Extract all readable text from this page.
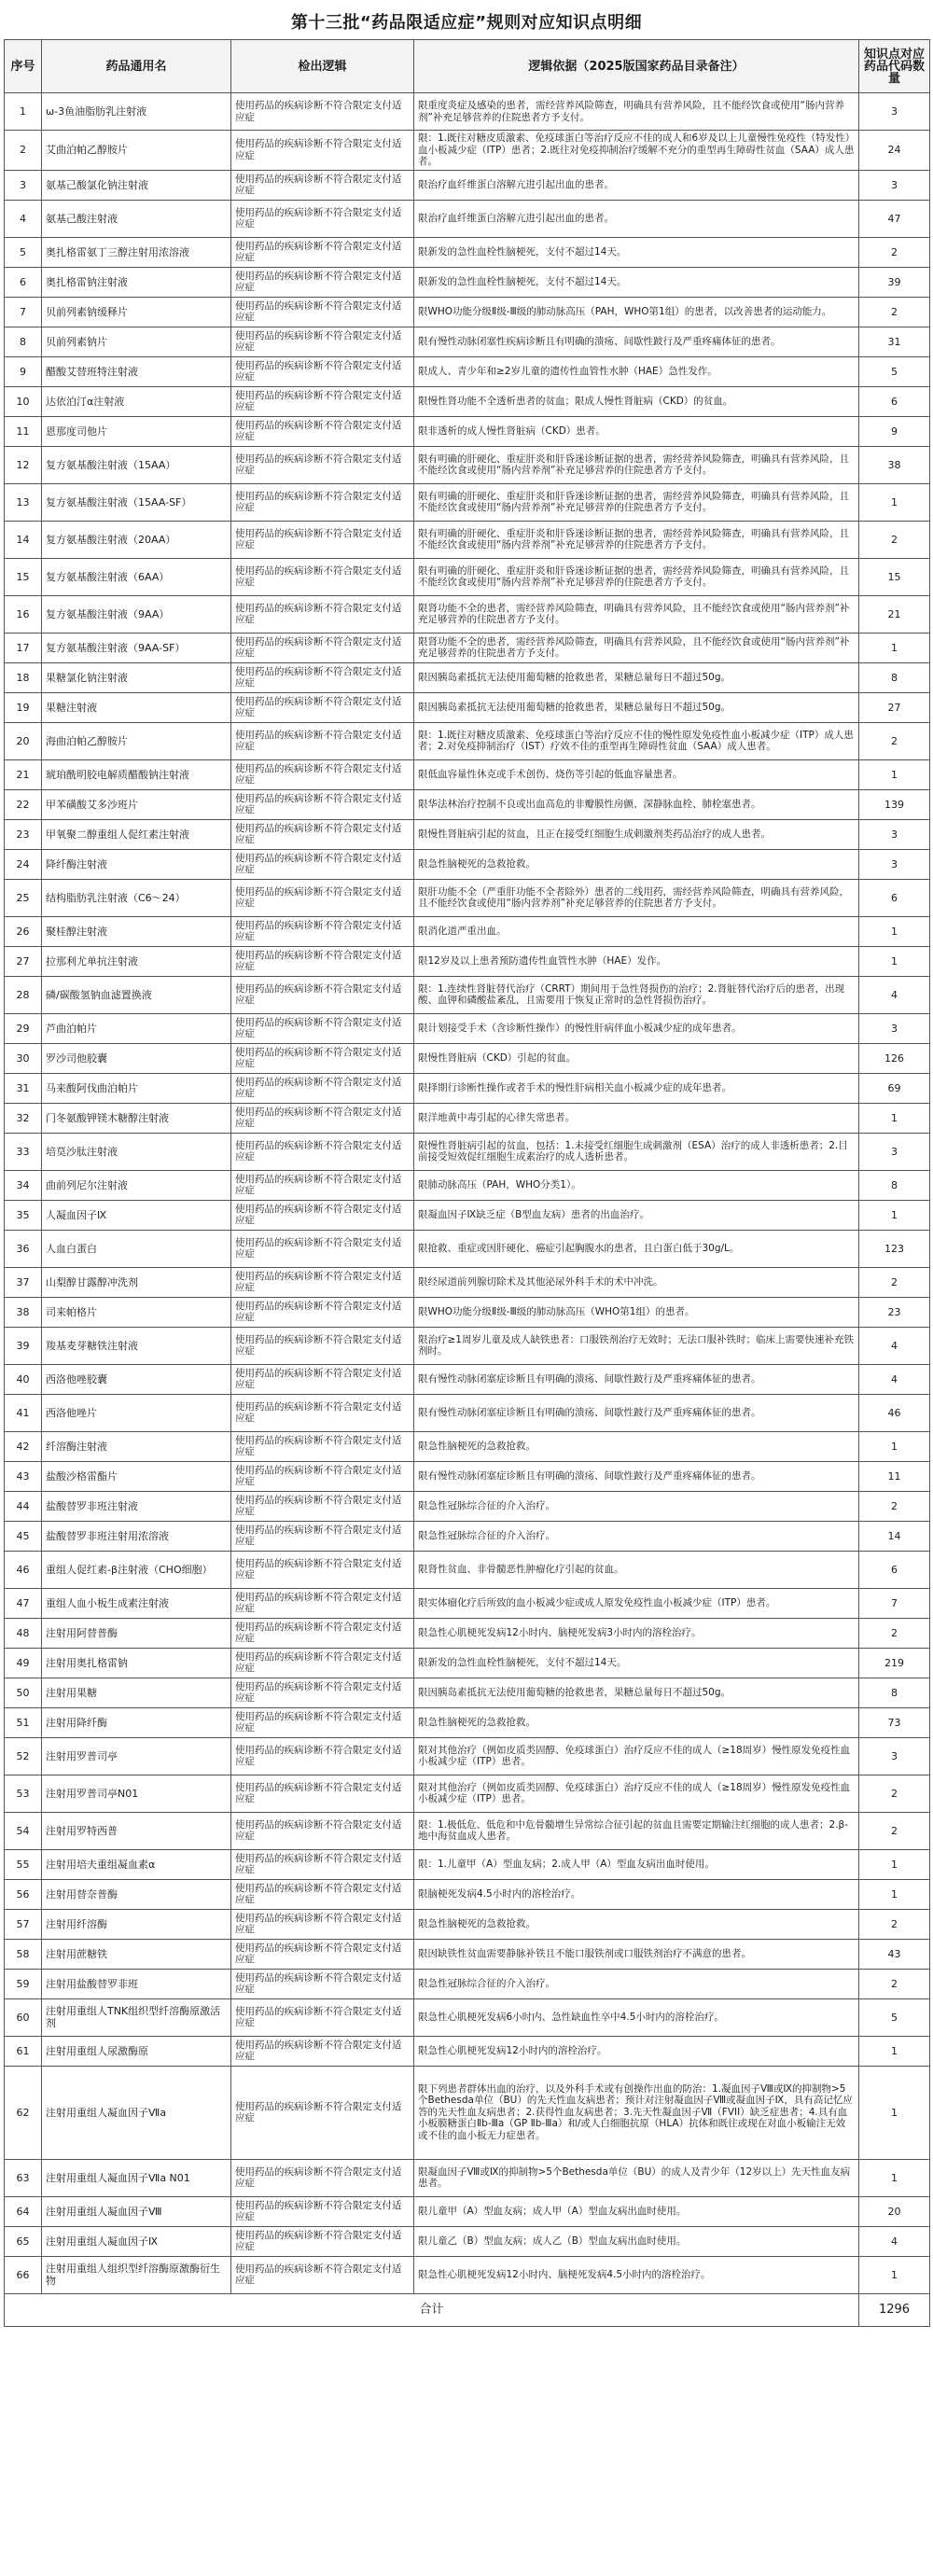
第十三批“药品限适应症”规则对应知识点明细
序号	药品通用名	检出逻辑	逻辑依据（2025版国家药品目录备注）	知识点对应药品代码数量
1	ω-3鱼油脂肪乳注射液	使用药品的疾病诊断不符合限定支付适应症	限重度炎症及感染的患者，需经营养风险筛查，明确具有营养风险，且不能经饮食或使用“肠内营养剂”补充足够营养的住院患者方予支付。	3
2	艾曲泊帕乙醇胺片	使用药品的疾病诊断不符合限定支付适应症	限：1.既往对糖皮质激素、免疫球蛋白等治疗反应不佳的成人和6岁及以上儿童慢性免疫性（特发性）血小板减少症（ITP）患者；2.既往对免疫抑制治疗缓解不充分的重型再生障碍性贫血（SAA）成人患者。	24
3	氨基己酸氯化钠注射液	使用药品的疾病诊断不符合限定支付适应症	限治疗血纤维蛋白溶解亢进引起出血的患者。	3
4	氨基己酸注射液	使用药品的疾病诊断不符合限定支付适应症	限治疗血纤维蛋白溶解亢进引起出血的患者。	47
5	奥扎格雷氨丁三醇注射用浓溶液	使用药品的疾病诊断不符合限定支付适应症	限新发的急性血栓性脑梗死，支付不超过14天。	2
6	奥扎格雷钠注射液	使用药品的疾病诊断不符合限定支付适应症	限新发的急性血栓性脑梗死，支付不超过14天。	39
7	贝前列素钠缓释片	使用药品的疾病诊断不符合限定支付适应症	限WHO功能分级Ⅱ级-Ⅲ级的肺动脉高压（PAH，WHO第1组）的患者，以改善患者的运动能力。	2
8	贝前列素钠片	使用药品的疾病诊断不符合限定支付适应症	限有慢性动脉闭塞性疾病诊断且有明确的溃疡、间歇性跛行及严重疼痛体征的患者。	31
9	醋酸艾替班特注射液	使用药品的疾病诊断不符合限定支付适应症	限成人、青少年和≥2岁儿童的遗传性血管性水肿（HAE）急性发作。	5
10	达依泊汀α注射液	使用药品的疾病诊断不符合限定支付适应症	限慢性肾功能不全透析患者的贫血；限成人慢性肾脏病（CKD）的贫血。	6
11	恩那度司他片	使用药品的疾病诊断不符合限定支付适应症	限非透析的成人慢性肾脏病（CKD）患者。	9
12	复方氨基酸注射液（15AA）	使用药品的疾病诊断不符合限定支付适应症	限有明确的肝硬化、重症肝炎和肝昏迷诊断证据的患者，需经营养风险筛查，明确具有营养风险，且不能经饮食或使用“肠内营养剂”补充足够营养的住院患者方予支付。	38
13	复方氨基酸注射液（15AA-SF）	使用药品的疾病诊断不符合限定支付适应症	限有明确的肝硬化、重症肝炎和肝昏迷诊断证据的患者，需经营养风险筛查，明确具有营养风险，且不能经饮食或使用“肠内营养剂”补充足够营养的住院患者方予支付。	1
14	复方氨基酸注射液（20AA）	使用药品的疾病诊断不符合限定支付适应症	限有明确的肝硬化、重症肝炎和肝昏迷诊断证据的患者，需经营养风险筛查，明确具有营养风险，且不能经饮食或使用“肠内营养剂”补充足够营养的住院患者方予支付。	2
15	复方氨基酸注射液（6AA）	使用药品的疾病诊断不符合限定支付适应症	限有明确的肝硬化、重症肝炎和肝昏迷诊断证据的患者，需经营养风险筛查，明确具有营养风险，且不能经饮食或使用“肠内营养剂”补充足够营养的住院患者方予支付。	15
16	复方氨基酸注射液（9AA）	使用药品的疾病诊断不符合限定支付适应症	限肾功能不全的患者，需经营养风险筛查，明确具有营养风险，且不能经饮食或使用“肠内营养剂”补充足够营养的住院患者方予支付。	21
17	复方氨基酸注射液（9AA-SF）	使用药品的疾病诊断不符合限定支付适应症	限肾功能不全的患者，需经营养风险筛查，明确具有营养风险，且不能经饮食或使用“肠内营养剂”补充足够营养的住院患者方予支付。	1
18	果糖氯化钠注射液	使用药品的疾病诊断不符合限定支付适应症	限因胰岛素抵抗无法使用葡萄糖的抢救患者，果糖总量每日不超过50g。	8
19	果糖注射液	使用药品的疾病诊断不符合限定支付适应症	限因胰岛素抵抗无法使用葡萄糖的抢救患者，果糖总量每日不超过50g。	27
20	海曲泊帕乙醇胺片	使用药品的疾病诊断不符合限定支付适应症	限：1.既往对糖皮质激素、免疫球蛋白等治疗反应不佳的慢性原发免疫性血小板减少症（ITP）成人患者；2.对免疫抑制治疗（IST）疗效不佳的重型再生障碍性贫血（SAA）成人患者。	2
21	琥珀酰明胶电解质醋酸钠注射液	使用药品的疾病诊断不符合限定支付适应症	限低血容量性休克或手术创伤、烧伤等引起的低血容量患者。	1
22	甲苯磺酸艾多沙班片	使用药品的疾病诊断不符合限定支付适应症	限华法林治疗控制不良或出血高危的非瓣膜性房颤、深静脉血栓、肺栓塞患者。	139
23	甲氧聚二醇重组人促红素注射液	使用药品的疾病诊断不符合限定支付适应症	限慢性肾脏病引起的贫血，且正在接受红细胞生成刺激剂类药品治疗的成人患者。	3
24	降纤酶注射液	使用药品的疾病诊断不符合限定支付适应症	限急性脑梗死的急救抢救。	3
25	结构脂肪乳注射液（C6～24）	使用药品的疾病诊断不符合限定支付适应症	限肝功能不全（严重肝功能不全者除外）患者的二线用药，需经营养风险筛查，明确具有营养风险，且不能经饮食或使用“肠内营养剂”补充足够营养的住院患者方予支付。	6
26	聚桂醇注射液	使用药品的疾病诊断不符合限定支付适应症	限消化道严重出血。	1
27	拉那利尤单抗注射液	使用药品的疾病诊断不符合限定支付适应症	限12岁及以上患者预防遗传性血管性水肿（HAE）发作。	1
28	磷/碳酸氢钠血滤置换液	使用药品的疾病诊断不符合限定支付适应症	限：1.连续性肾脏替代治疗（CRRT）期间用于急性肾损伤的治疗；2.肾脏替代治疗后的患者，出现酸、血钾和磷酸盐紊乱，且需要用于恢复正常时的急性肾损伤治疗。	4
29	芦曲泊帕片	使用药品的疾病诊断不符合限定支付适应症	限计划接受手术（含诊断性操作）的慢性肝病伴血小板减少症的成年患者。	3
30	罗沙司他胶囊	使用药品的疾病诊断不符合限定支付适应症	限慢性肾脏病（CKD）引起的贫血。	126
31	马来酸阿伐曲泊帕片	使用药品的疾病诊断不符合限定支付适应症	限择期行诊断性操作或者手术的慢性肝病相关血小板减少症的成年患者。	69
32	门冬氨酸钾镁木糖醇注射液	使用药品的疾病诊断不符合限定支付适应症	限洋地黄中毒引起的心律失常患者。	1
33	培莫沙肽注射液	使用药品的疾病诊断不符合限定支付适应症	限慢性肾脏病引起的贫血，包括：1.未接受红细胞生成刺激剂（ESA）治疗的成人非透析患者；2.目前接受短效促红细胞生成素治疗的成人透析患者。	3
34	曲前列尼尔注射液	使用药品的疾病诊断不符合限定支付适应症	限肺动脉高压（PAH，WHO分类1）。	8
35	人凝血因子Ⅸ	使用药品的疾病诊断不符合限定支付适应症	限凝血因子Ⅸ缺乏症（B型血友病）患者的出血治疗。	1
36	人血白蛋白	使用药品的疾病诊断不符合限定支付适应症	限抢救、重症或因肝硬化、癌症引起胸腹水的患者，且白蛋白低于30g/L。	123
37	山梨醇甘露醇冲洗剂	使用药品的疾病诊断不符合限定支付适应症	限经尿道前列腺切除术及其他泌尿外科手术的术中冲洗。	2
38	司来帕格片	使用药品的疾病诊断不符合限定支付适应症	限WHO功能分级Ⅱ级-Ⅲ级的肺动脉高压（WHO第1组）的患者。	23
39	羧基麦芽糖铁注射液	使用药品的疾病诊断不符合限定支付适应症	限治疗≥1周岁儿童及成人缺铁患者：口服铁剂治疗无效时；无法口服补铁时；临床上需要快速补充铁剂时。	4
40	西洛他唑胶囊	使用药品的疾病诊断不符合限定支付适应症	限有慢性动脉闭塞症诊断且有明确的溃疡、间歇性跛行及严重疼痛体征的患者。	4
41	西洛他唑片	使用药品的疾病诊断不符合限定支付适应症	限有慢性动脉闭塞症诊断且有明确的溃疡、间歇性跛行及严重疼痛体征的患者。	46
42	纤溶酶注射液	使用药品的疾病诊断不符合限定支付适应症	限急性脑梗死的急救抢救。	1
43	盐酸沙格雷酯片	使用药品的疾病诊断不符合限定支付适应症	限有慢性动脉闭塞症诊断且有明确的溃疡、间歇性跛行及严重疼痛体征的患者。	11
44	盐酸替罗非班注射液	使用药品的疾病诊断不符合限定支付适应症	限急性冠脉综合征的介入治疗。	2
45	盐酸替罗非班注射用浓溶液	使用药品的疾病诊断不符合限定支付适应症	限急性冠脉综合征的介入治疗。	14
46	重组人促红素-β注射液（CHO细胞）	使用药品的疾病诊断不符合限定支付适应症	限肾性贫血、非骨髓恶性肿瘤化疗引起的贫血。	6
47	重组人血小板生成素注射液	使用药品的疾病诊断不符合限定支付适应症	限实体瘤化疗后所致的血小板减少症或成人原发免疫性血小板减少症（ITP）患者。	7
48	注射用阿替普酶	使用药品的疾病诊断不符合限定支付适应症	限急性心肌梗死发病12小时内、脑梗死发病3小时内的溶栓治疗。	2
49	注射用奥扎格雷钠	使用药品的疾病诊断不符合限定支付适应症	限新发的急性血栓性脑梗死，支付不超过14天。	219
50	注射用果糖	使用药品的疾病诊断不符合限定支付适应症	限因胰岛素抵抗无法使用葡萄糖的抢救患者，果糖总量每日不超过50g。	8
51	注射用降纤酶	使用药品的疾病诊断不符合限定支付适应症	限急性脑梗死的急救抢救。	73
52	注射用罗普司亭	使用药品的疾病诊断不符合限定支付适应症	限对其他治疗（例如皮质类固醇、免疫球蛋白）治疗反应不佳的成人（≥18周岁）慢性原发免疫性血小板减少症（ITP）患者。	3
53	注射用罗普司亭N01	使用药品的疾病诊断不符合限定支付适应症	限对其他治疗（例如皮质类固醇、免疫球蛋白）治疗反应不佳的成人（≥18周岁）慢性原发免疫性血小板减少症（ITP）患者。	2
54	注射用罗特西普	使用药品的疾病诊断不符合限定支付适应症	限：1.极低危、低危和中危骨髓增生异常综合征引起的贫血且需要定期输注红细胞的成人患者；2.β-地中海贫血成人患者。	2
55	注射用培夫重组凝血素α	使用药品的疾病诊断不符合限定支付适应症	限：1.儿童甲（A）型血友病；2.成人甲（A）型血友病出血时使用。	1
56	注射用替奈普酶	使用药品的疾病诊断不符合限定支付适应症	限脑梗死发病4.5小时内的溶栓治疗。	1
57	注射用纤溶酶	使用药品的疾病诊断不符合限定支付适应症	限急性脑梗死的急救抢救。	2
58	注射用蔗糖铁	使用药品的疾病诊断不符合限定支付适应症	限因缺铁性贫血需要静脉补铁且不能口服铁剂或口服铁剂治疗不满意的患者。	43
59	注射用盐酸替罗非班	使用药品的疾病诊断不符合限定支付适应症	限急性冠脉综合征的介入治疗。	2
60	注射用重组人TNK组织型纤溶酶原激活剂	使用药品的疾病诊断不符合限定支付适应症	限急性心肌梗死发病6小时内、急性缺血性卒中4.5小时内的溶栓治疗。	5
61	注射用重组人尿激酶原	使用药品的疾病诊断不符合限定支付适应症	限急性心肌梗死发病12小时内的溶栓治疗。	1
62	注射用重组人凝血因子Ⅶa	使用药品的疾病诊断不符合限定支付适应症	限下列患者群体出血的治疗，以及外科手术或有创操作出血的防治：1.凝血因子Ⅷ或Ⅸ的抑制物>5个Bethesda单位（BU）的先天性血友病患者；预计对注射凝血因子Ⅷ或凝血因子Ⅸ，具有高记忆应答的先天性血友病患者；2.获得性血友病患者；3.先天性凝血因子Ⅶ（FVII）缺乏症患者；4.具有血小板膜糖蛋白Ⅱb-Ⅲa（GP Ⅱb-Ⅲa）和/或人白细胞抗原（HLA）抗体和既往或现在对血小板输注无效或不佳的血小板无力症患者。	1
63	注射用重组人凝血因子Ⅶa N01	使用药品的疾病诊断不符合限定支付适应症	限凝血因子Ⅷ或Ⅸ的抑制物>5个Bethesda单位（BU）的成人及青少年（12岁以上）先天性血友病患者。	1
64	注射用重组人凝血因子Ⅷ	使用药品的疾病诊断不符合限定支付适应症	限儿童甲（A）型血友病；成人甲（A）型血友病出血时使用。	20
65	注射用重组人凝血因子Ⅸ	使用药品的疾病诊断不符合限定支付适应症	限儿童乙（B）型血友病；成人乙（B）型血友病出血时使用。	4
66	注射用重组人组织型纤溶酶原激酶衍生物	使用药品的疾病诊断不符合限定支付适应症	限急性心肌梗死发病12小时内、脑梗死发病4.5小时内的溶栓治疗。	1
合计				1296
